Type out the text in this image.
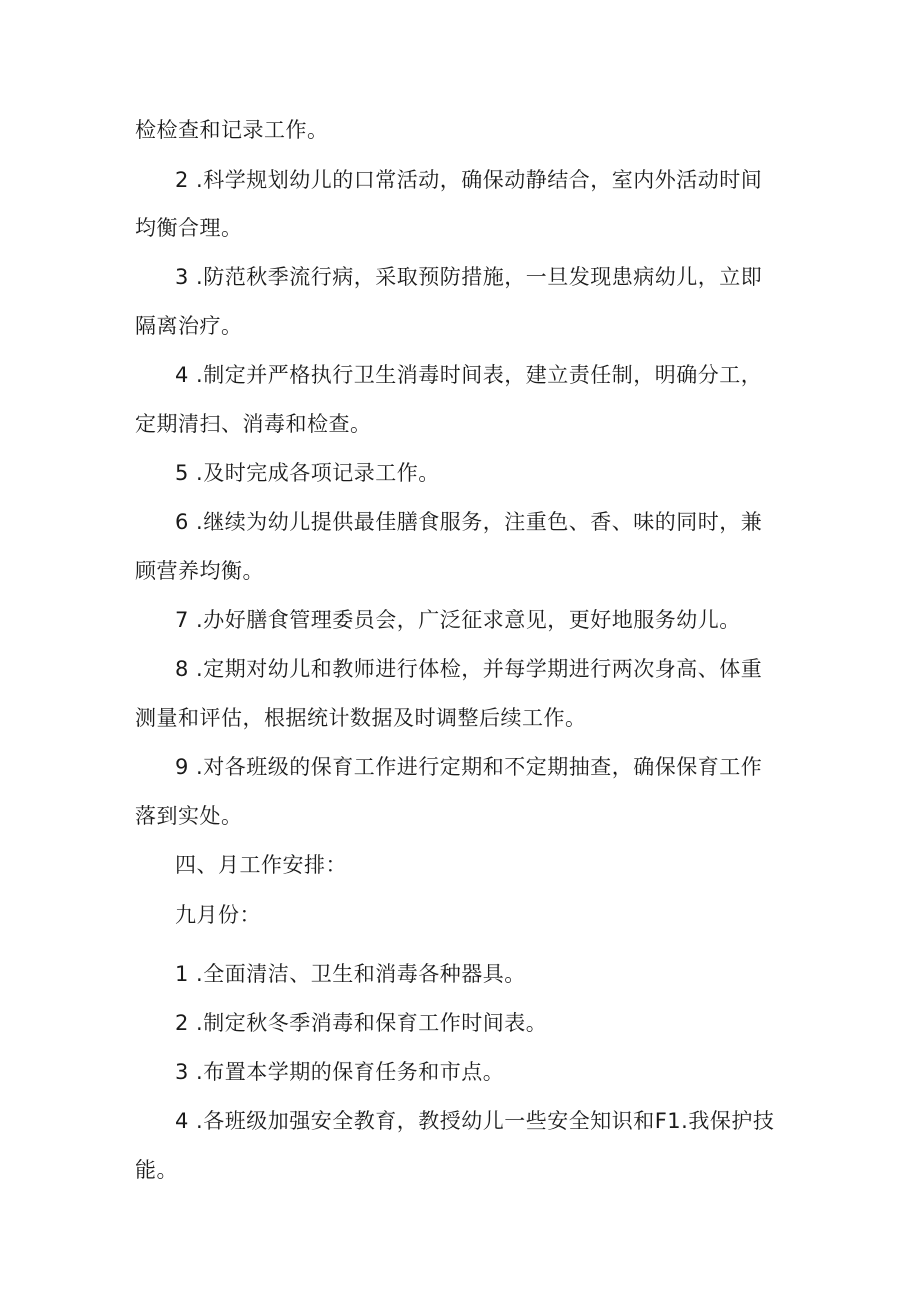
检检查和记录工作。
2 .科学规划幼儿的口常活动，确保动静结合，室内外活动时间
均衡合理。
3 .防范秋季流行病，采取预防措施，一旦发现患病幼儿，立即
隔离治疗。
4 .制定并严格执行卫生消毒时间表，建立责任制，明确分工，
定期清扫、消毒和检查。
5 .及时完成各项记录工作。
6 .继续为幼儿提供最佳膳食服务，注重色、香、味的同时，兼
顾营养均衡。
7 .办好膳食管理委员会，广泛征求意见，更好地服务幼儿。
8 .定期对幼儿和教师进行体检，并每学期进行两次身高、体重
测量和评估，根据统计数据及时调整后续工作。
9 .对各班级的保育工作进行定期和不定期抽查，确保保育工作
落到实处。
四、月工作安排：
九月份：
1 .全面清洁、卫生和消毒各种器具。
2 .制定秋冬季消毒和保育工作时间表。
3 .布置本学期的保育任务和市点。
4 .各班级加强安全教育，教授幼儿一些安全知识和F1.我保护技
能。
